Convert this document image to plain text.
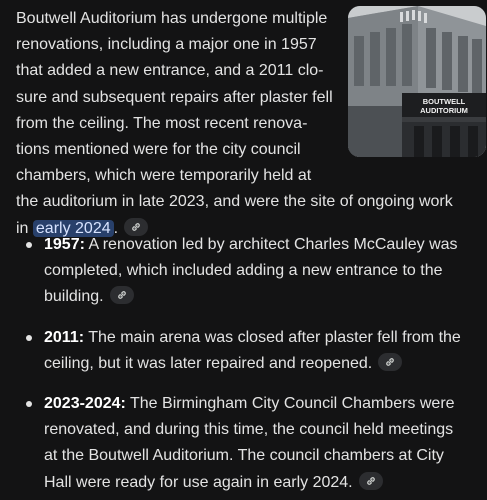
BOUTWELL
AUDITORIUM

Boutwell Auditorium has undergone multiple
renovations, including a major one in 1957
that added a new entrance, and a 2011 clo-
sure and subsequent repairs after plaster fell
from the ceiling. The most recent renova-
tions mentioned were for the city council
chambers, which were temporarily held at
the auditorium in late 2023, and were the site of ongoing work
in early 2024 .

1957: A renovation led by architect Charles McCauley was
completed, which included adding a new entrance to the
building.
2011: The main arena was closed after plaster fell from the
ceiling, but it was later repaired and reopened.
2023-2024: The Birmingham City Council Chambers were
renovated, and during this time, the council held meetings
at the Boutwell Auditorium. The council chambers at City
Hall were ready for use again in early 2024.
